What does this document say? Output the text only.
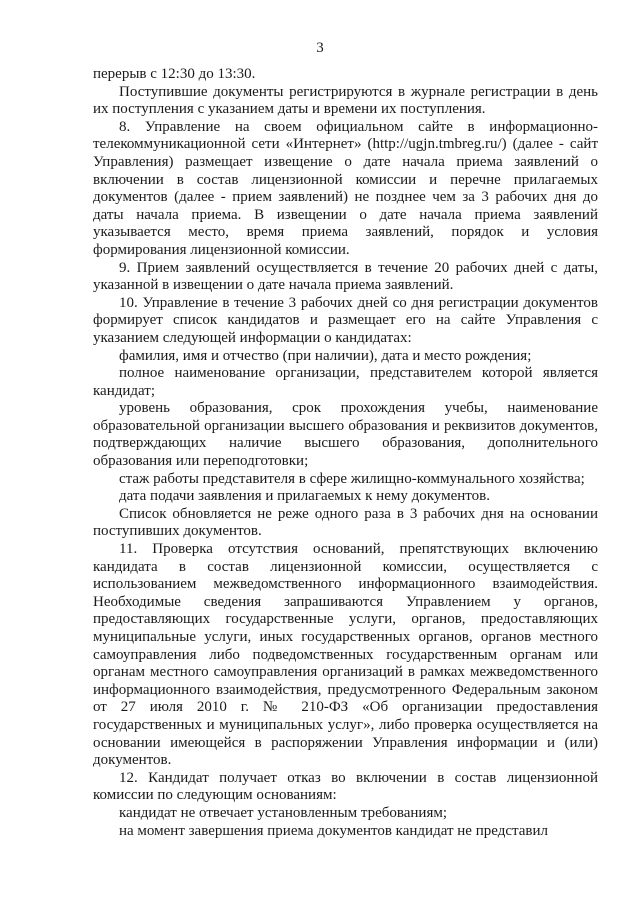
3

перерыв с 12:30 до 13:30.

Поступившие документы регистрируются в журнале регистрации в день их поступления с указанием даты и времени их поступления.

8. Управление на своем официальном сайте в информационно-телекоммуникационной сети «Интернет» (http://ugjn.tmbreg.ru/) (далее - сайт Управления) размещает извещение о дате начала приема заявлений о включении в состав лицензионной комиссии и перечне прилагаемых документов (далее - прием заявлений) не позднее чем за 3 рабочих дня до даты начала приема. В извещении о дате начала приема заявлений указывается место, время приема заявлений, порядок и условия формирования лицензионной комиссии.

9. Прием заявлений осуществляется в течение 20 рабочих дней с даты, указанной в извещении о дате начала приема заявлений.

10. Управление в течение 3 рабочих дней со дня регистрации документов формирует список кандидатов и размещает его на сайте Управления с указанием следующей информации о кандидатах:

фамилия, имя и отчество (при наличии), дата и место рождения;

полное наименование организации, представителем которой является кандидат;

уровень образования, срок прохождения учебы, наименование образовательной организации высшего образования и реквизитов документов, подтверждающих наличие высшего образования, дополнительного образования или переподготовки;

стаж работы представителя в сфере жилищно-коммунального хозяйства;

дата подачи заявления и прилагаемых к нему документов.

Список обновляется не реже одного раза в 3 рабочих дня на основании поступивших документов.

11. Проверка отсутствия оснований, препятствующих включению кандидата в состав лицензионной комиссии, осуществляется с использованием межведомственного информационного взаимодействия. Необходимые сведения запрашиваются Управлением у органов, предоставляющих государственные услуги, органов, предоставляющих муниципальные услуги, иных государственных органов, органов местного самоуправления либо подведомственных государственным органам или органам местного самоуправления организаций в рамках межведомственного информационного взаимодействия, предусмотренного Федеральным законом от 27 июля 2010 г. № 210-ФЗ «Об организации предоставления государственных и муниципальных услуг», либо проверка осуществляется на основании имеющейся в распоряжении Управления информации и (или) документов.

12. Кандидат получает отказ во включении в состав лицензионной комиссии по следующим основаниям:

кандидат не отвечает установленным требованиям;

на момент завершения приема документов кандидат не представил
